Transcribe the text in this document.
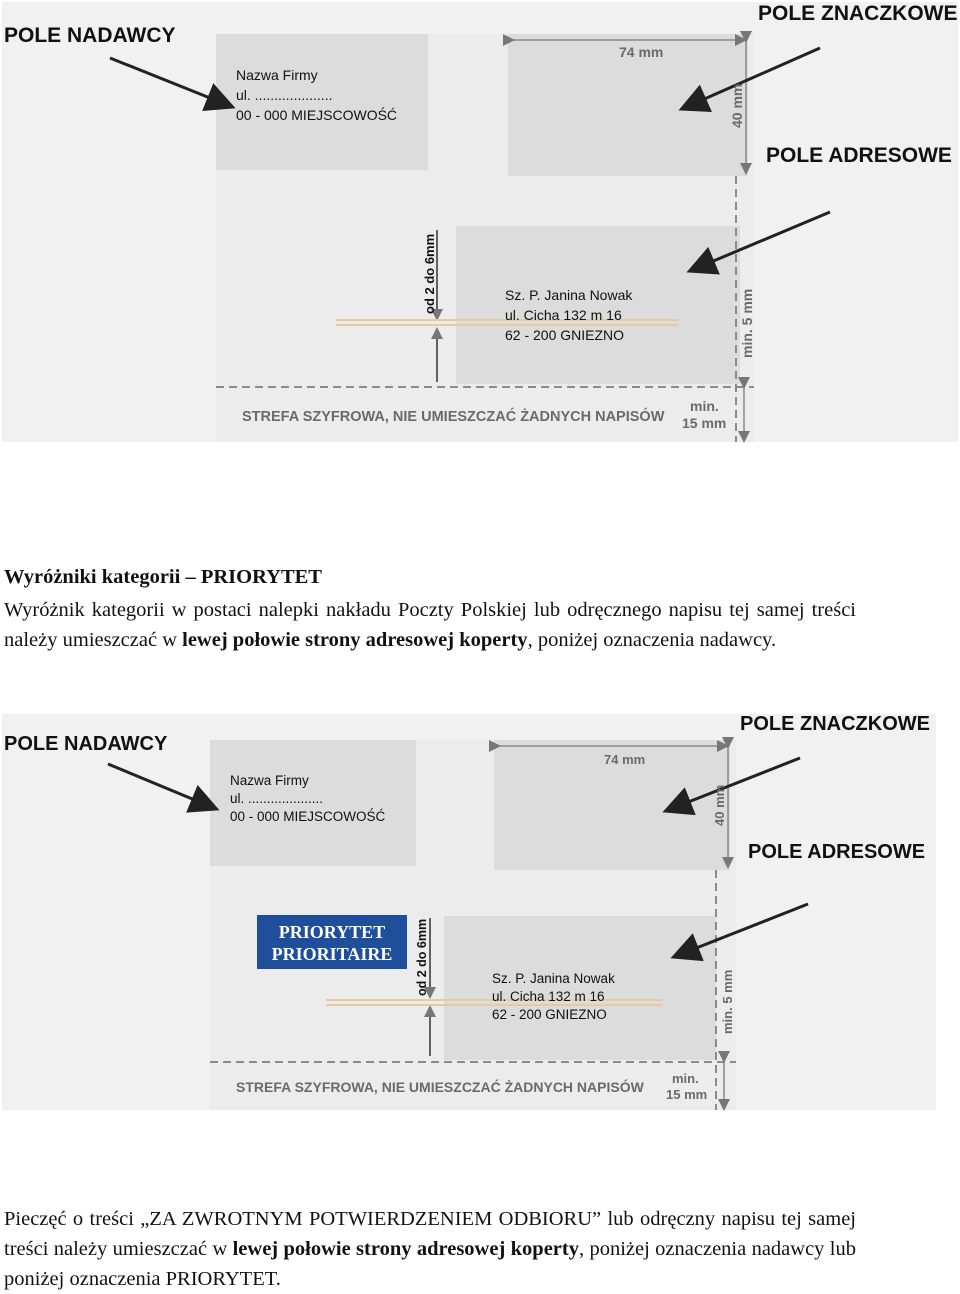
POLE NADAWCY
POLE ZNACZKOWE
POLE ADRESOWE
Nazwa Firmy
ul. ....................
00 - 000 MIEJSCOWOŚĆ
Sz. P. Janina Nowak
ul. Cicha 132 m 16
62 - 200 GNIEZNO
74 mm
40 mm
od 2 do 6mm
min. 5 mm
min.
15 mm
STREFA SZYFROWA, NIE UMIESZCZAĆ ŻADNYCH NAPISÓW
Wyróżniki kategorii – PRIORYTET
Wyróżnik kategorii w postaci nalepki nakładu Poczty Polskiej lub odręcznego napisu tej samej treści należy umieszczać w lewej połowie strony adresowej koperty, poniżej oznaczenia nadawcy.
POLE NADAWCY
POLE ZNACZKOWE
POLE ADRESOWE
Nazwa Firmy
ul. ....................
00 - 000 MIEJSCOWOŚĆ
Sz. P. Janina Nowak
ul. Cicha 132 m 16
62 - 200 GNIEZNO
PRIORYTET
PRIORITAIRE
74 mm
40 mm
od 2 do 6mm
min. 5 mm
min.
15 mm
STREFA SZYFROWA, NIE UMIESZCZAĆ ŻADNYCH NAPISÓW
Pieczęć o treści „ZA ZWROTNYM POTWIERDZENIEM ODBIORU” lub odręczny napisu tej samej treści należy umieszczać w lewej połowie strony adresowej koperty, poniżej oznaczenia nadawcy lub poniżej oznaczenia PRIORYTET.
